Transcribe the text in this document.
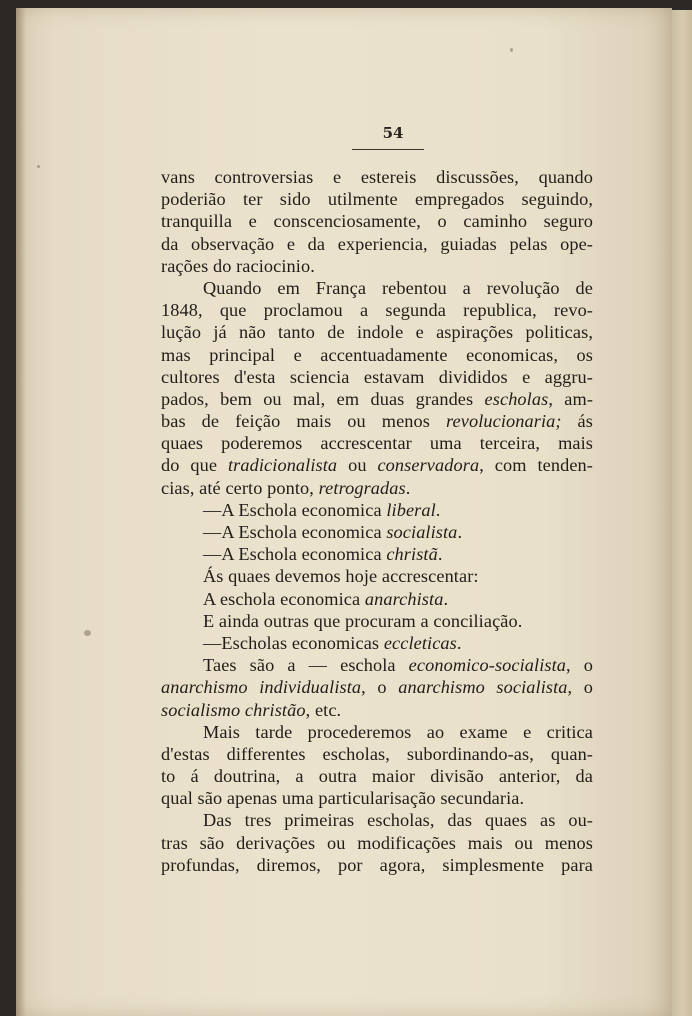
54
vans controversias e estereis discussões, quando
poderião ter sido utilmente empregados seguindo,
tranquilla e conscenciosamente, o caminho seguro
da observação e da experiencia, guiadas pelas ope-
rações do raciocinio.
Quando em França rebentou a revolução de
1848, que proclamou a segunda republica, revo-
lução já não tanto de indole e aspirações politicas,
mas principal e accentuadamente economicas, os
cultores d'esta sciencia estavam divididos e aggru-
pados, bem ou mal, em duas grandes escholas, am-
bas de feição mais ou menos revolucionaria; ás
quaes poderemos accrescentar uma terceira, mais
do que tradicionalista ou conservadora, com tenden-
cias, até certo ponto, retrogradas.
—A Eschola economica liberal.
—A Eschola economica socialista.
—A Eschola economica christã.
Ás quaes devemos hoje accrescentar:
A eschola economica anarchista.
E ainda outras que procuram a conciliação.
—Escholas economicas eccleticas.
Taes são a — eschola economico-socialista, o
anarchismo individualista, o anarchismo socialista, o
socialismo christão, etc.
Mais tarde procederemos ao exame e critica
d'estas differentes escholas, subordinando-as, quan-
to á doutrina, a outra maior divisão anterior, da
qual são apenas uma particularisação secundaria.
Das tres primeiras escholas, das quaes as ou-
tras são derivações ou modificações mais ou menos
profundas, diremos, por agora, simplesmente para
